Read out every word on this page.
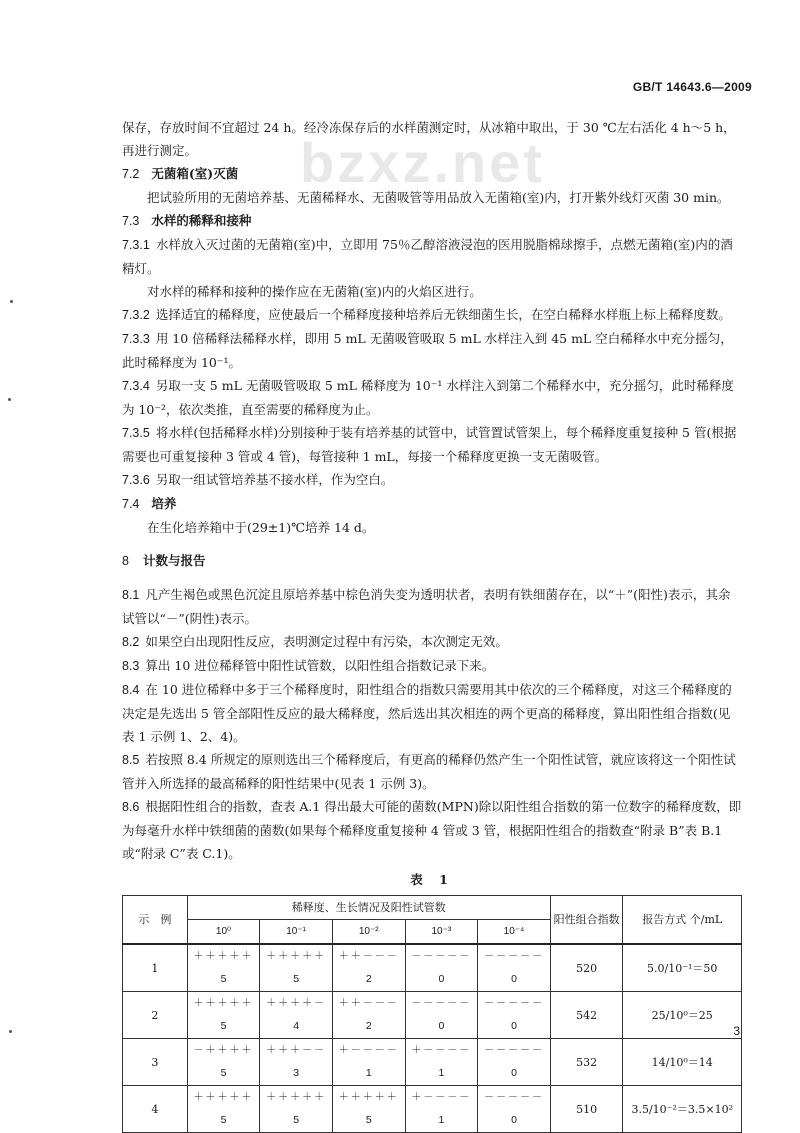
GB/T 14643.6—2009
bzxz.net

保存，存放时间不宜超过 24 h。经冷冻保存后的水样菌测定时，从冰箱中取出，于 30 ℃左右活化 4 h～5 h，再进行测定。

7.2 无菌箱(室)灭菌

把试验所用的无菌培养基、无菌稀释水、无菌吸管等用品放入无菌箱(室)内，打开紫外线灯灭菌 30 min。

7.3 水样的稀释和接种

7.3.1 水样放入灭过菌的无菌箱(室)中，立即用 75％乙醇溶液浸泡的医用脱脂棉球擦手，点燃无菌箱(室)内的酒精灯。

对水样的稀释和接种的操作应在无菌箱(室)内的火焰区进行。

7.3.2 选择适宜的稀释度，应使最后一个稀释度接种培养后无铁细菌生长，在空白稀释水样瓶上标上稀释度数。

7.3.3 用 10 倍稀释法稀释水样，即用 5 mL 无菌吸管吸取 5 mL 水样注入到 45 mL 空白稀释水中充分摇匀，此时稀释度为 10⁻¹。

7.3.4 另取一支 5 mL 无菌吸管吸取 5 mL 稀释度为 10⁻¹ 水样注入到第二个稀释水中，充分摇匀，此时稀释度为 10⁻²，依次类推，直至需要的稀释度为止。

7.3.5 将水样(包括稀释水样)分别接种于装有培养基的试管中，试管置试管架上，每个稀释度重复接种 5 管(根据需要也可重复接种 3 管或 4 管)，每管接种 1 mL，每接一个稀释度更换一支无菌吸管。

7.3.6 另取一组试管培养基不接水样，作为空白。

7.4 培养

在生化培养箱中于(29±1)℃培养 14 d。

8 计数与报告

8.1 凡产生褐色或黑色沉淀且原培养基中棕色消失变为透明状者，表明有铁细菌存在，以“＋”(阳性)表示，其余试管以“－”(阴性)表示。

8.2 如果空白出现阳性反应，表明测定过程中有污染，本次测定无效。

8.3 算出 10 进位稀释管中阳性试管数，以阳性组合指数记录下来。

8.4 在 10 进位稀释中多于三个稀释度时，阳性组合的指数只需要用其中依次的三个稀释度，对这三个稀释度的决定是先选出 5 管全部阳性反应的最大稀释度，然后选出其次相连的两个更高的稀释度，算出阳性组合指数(见表 1 示例 1、2、4)。

8.5 若按照 8.4 所规定的原则选出三个稀释度后，有更高的稀释仍然产生一个阳性试管，就应该将这一个阳性试管并入所选择的最高稀释的阳性结果中(见表 1 示例 3)。

8.6 根据阳性组合的指数，查表 A.1 得出最大可能的菌数(MPN)除以阳性组合指数的第一位数字的稀释度数，即为每毫升水样中铁细菌的菌数(如果每个稀释度重复接种 4 管或 3 管，根据阳性组合的指数查“附录 B”表 B.1 或“附录 C”表 C.1)。

表 1

示　例	稀释度、生长情况及阳性试管数					阳性组合指数	报告方式 个/mL
	10⁰	10⁻¹	10⁻²	10⁻³	10⁻⁴		
1	＋＋＋＋＋	＋＋＋＋＋	＋＋－－－	－－－－－	－－－－－	520	5.0/10⁻¹＝50
	5	5	2	0	0		
2	＋＋＋＋＋	＋＋＋＋－	＋＋－－－	－－－－－	－－－－－	542	25/10⁰＝25
	5	4	2	0	0		
3	－＋＋＋＋	＋＋＋－－	＋－－－－	＋－－－－	－－－－－	532	14/10⁰＝14
	5	3	1	1	0		
4	＋＋＋＋＋	＋＋＋＋＋	＋＋＋＋＋	＋－－－－	－－－－－	510	3.5/10⁻²＝3.5×10²
	5	5	5	1	0		
3
